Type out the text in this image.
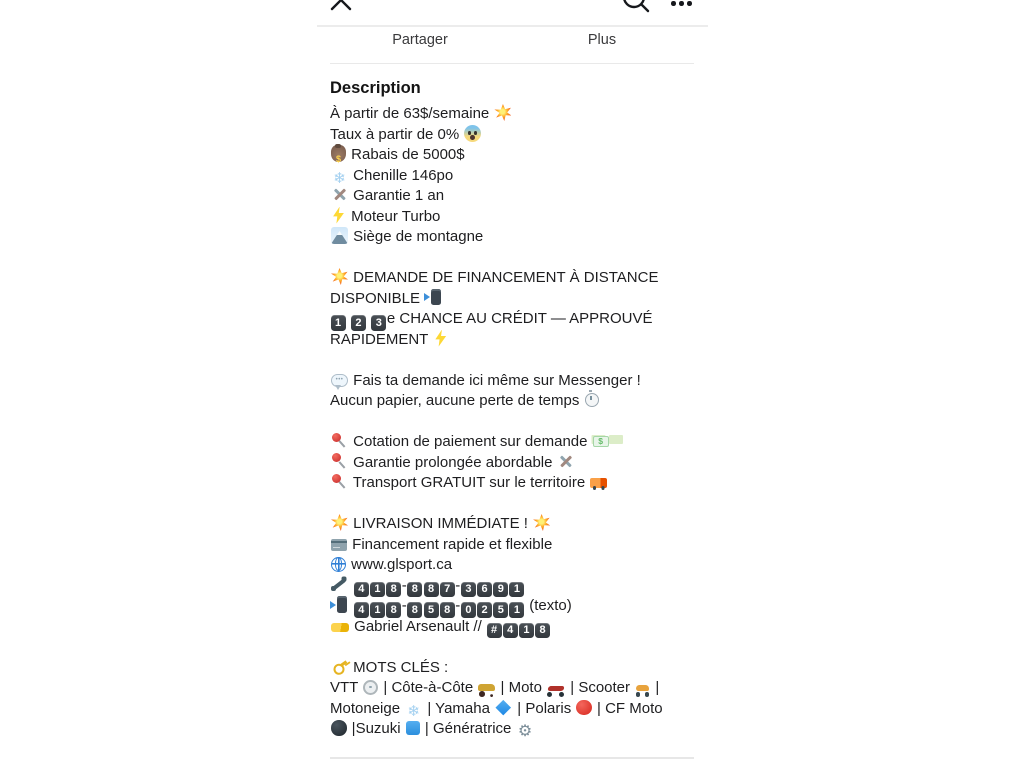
Partager	Plus
Description
À partir de 63$/semaine
Taux à partir de 0%
$ Rabais de 5000$
❄ Chenille 146po
Garantie 1 an
Moteur Turbo
Siège de montagne
DEMANDE DE FINANCEMENT À DISTANCE
DISPONIBLE
1 2 3 e CHANCE AU CRÉDIT — APPROUVÉ
RAPIDEMENT
••• Fais ta demande ici même sur Messenger !
Aucun papier, aucune perte de temps
Cotation de paiement sur demande $
Garantie prolongée abordable
Transport GRATUIT sur le territoire
LIVRAISON IMMÉDIATE !
Financement rapide et flexible
www.glsport.ca
4 1 8 - 8 8 7 - 3 6 9 1
4 1 8 - 8 5 8 - 0 2 5 1 (texto)
Gabriel Arsenault // # 4 1 8
MOTS CLÉS :
VTT  | Côte-à-Côte  | Moto  | Scooter  |
Motoneige ❄ | Yamaha  | Polaris  | CF Moto
|Suzuki  | Génératrice ⚙
